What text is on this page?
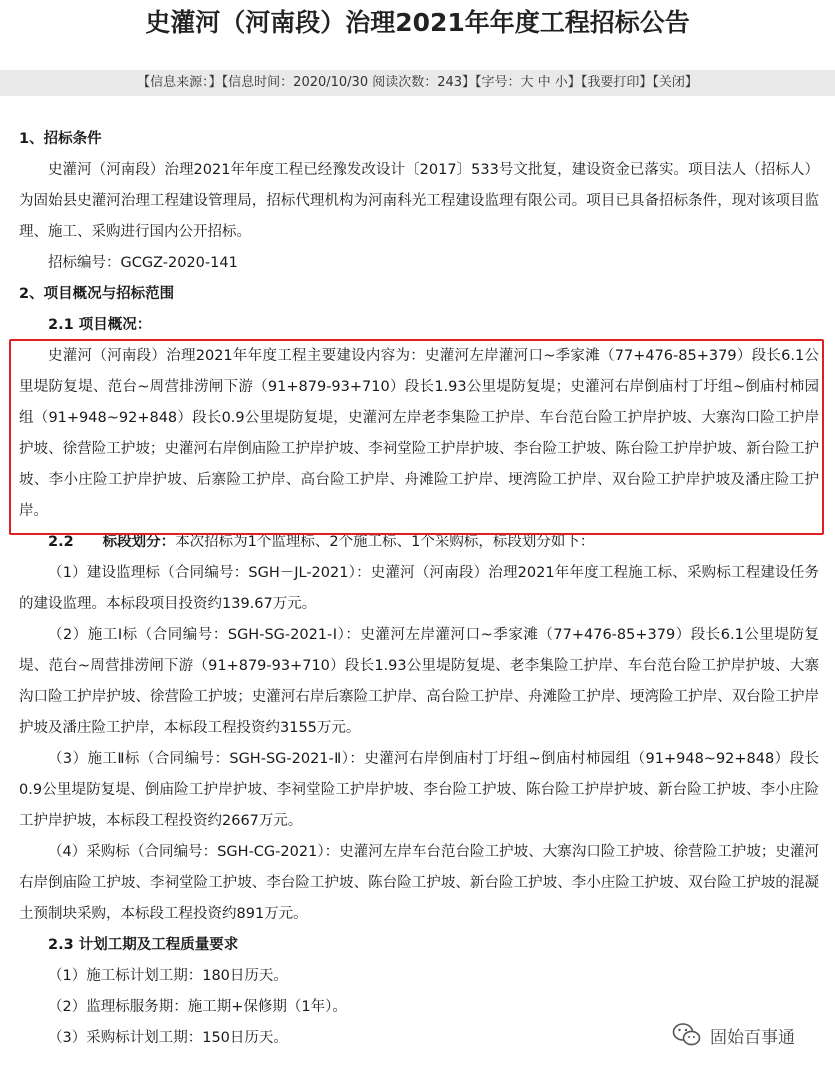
史灌河（河南段）治理2021年年度工程招标公告
【信息来源：】【信息时间：2020/10/30 阅读次数：243】【字号：大 中 小】【我要打印】【关闭】

1、招标条件

史灌河（河南段）治理2021年年度工程已经豫发改设计〔2017〕533号文批复，建设资金已落实。项目法人（招标人）为固始县史灌河治理工程建设管理局，招标代理机构为河南科光工程建设监理有限公司。项目已具备招标条件，现对该项目监理、施工、采购进行国内公开招标。

招标编号：GCGZ-2020-141

2、项目概况与招标范围

2.1 项目概况：

史灌河（河南段）治理2021年年度工程主要建设内容为：史灌河左岸灌河口~季家滩（77+476-85+379）段长6.1公里堤防复堤、范台~周营排涝闸下游（91+879-93+710）段长1.93公里堤防复堤；史灌河右岸倒庙村丁圩组~倒庙村柿园组（91+948~92+848）段长0.9公里堤防复堤，史灌河左岸老李集险工护岸、车台范台险工护岸护坡、大寨沟口险工护岸护坡、徐营险工护坡；史灌河右岸倒庙险工护岸护坡、李祠堂险工护岸护坡、李台险工护坡、陈台险工护岸护坡、新台险工护坡、李小庄险工护岸护坡、后寨险工护岸、高台险工护岸、舟滩险工护岸、埂湾险工护岸、双台险工护岸护坡及潘庄险工护岸。

2.2　　标段划分：本次招标为1个监理标、2个施工标、1个采购标，标段划分如下：

（1）建设监理标（合同编号：SGH－JL-2021）：史灌河（河南段）治理2021年年度工程施工标、采购标工程建设任务的建设监理。本标段项目投资约139.67万元。

（2）施工Ⅰ标（合同编号：SGH-SG-2021-Ⅰ）：史灌河左岸灌河口~季家滩（77+476-85+379）段长6.1公里堤防复堤、范台~周营排涝闸下游（91+879-93+710）段长1.93公里堤防复堤、老李集险工护岸、车台范台险工护岸护坡、大寨沟口险工护岸护坡、徐营险工护坡；史灌河右岸后寨险工护岸、高台险工护岸、舟滩险工护岸、埂湾险工护岸、双台险工护岸护坡及潘庄险工护岸，本标段工程投资约3155万元。

（3）施工Ⅱ标（合同编号：SGH-SG-2021-Ⅱ）：史灌河右岸倒庙村丁圩组~倒庙村柿园组（91+948~92+848）段长0.9公里堤防复堤、倒庙险工护岸护坡、李祠堂险工护岸护坡、李台险工护坡、陈台险工护岸护坡、新台险工护坡、李小庄险工护岸护坡，本标段工程投资约2667万元。

（4）采购标（合同编号：SGH-CG-2021）：史灌河左岸车台范台险工护坡、大寨沟口险工护坡、徐营险工护坡；史灌河右岸倒庙险工护坡、李祠堂险工护坡、李台险工护坡、陈台险工护坡、新台险工护坡、李小庄险工护坡、双台险工护坡的混凝土预制块采购，本标段工程投资约891万元。

2.3 计划工期及工程质量要求

（1）施工标计划工期：180日历天。

（2）监理标服务期：施工期+保修期（1年）。

（3）采购标计划工期：150日历天。	固始百事通
